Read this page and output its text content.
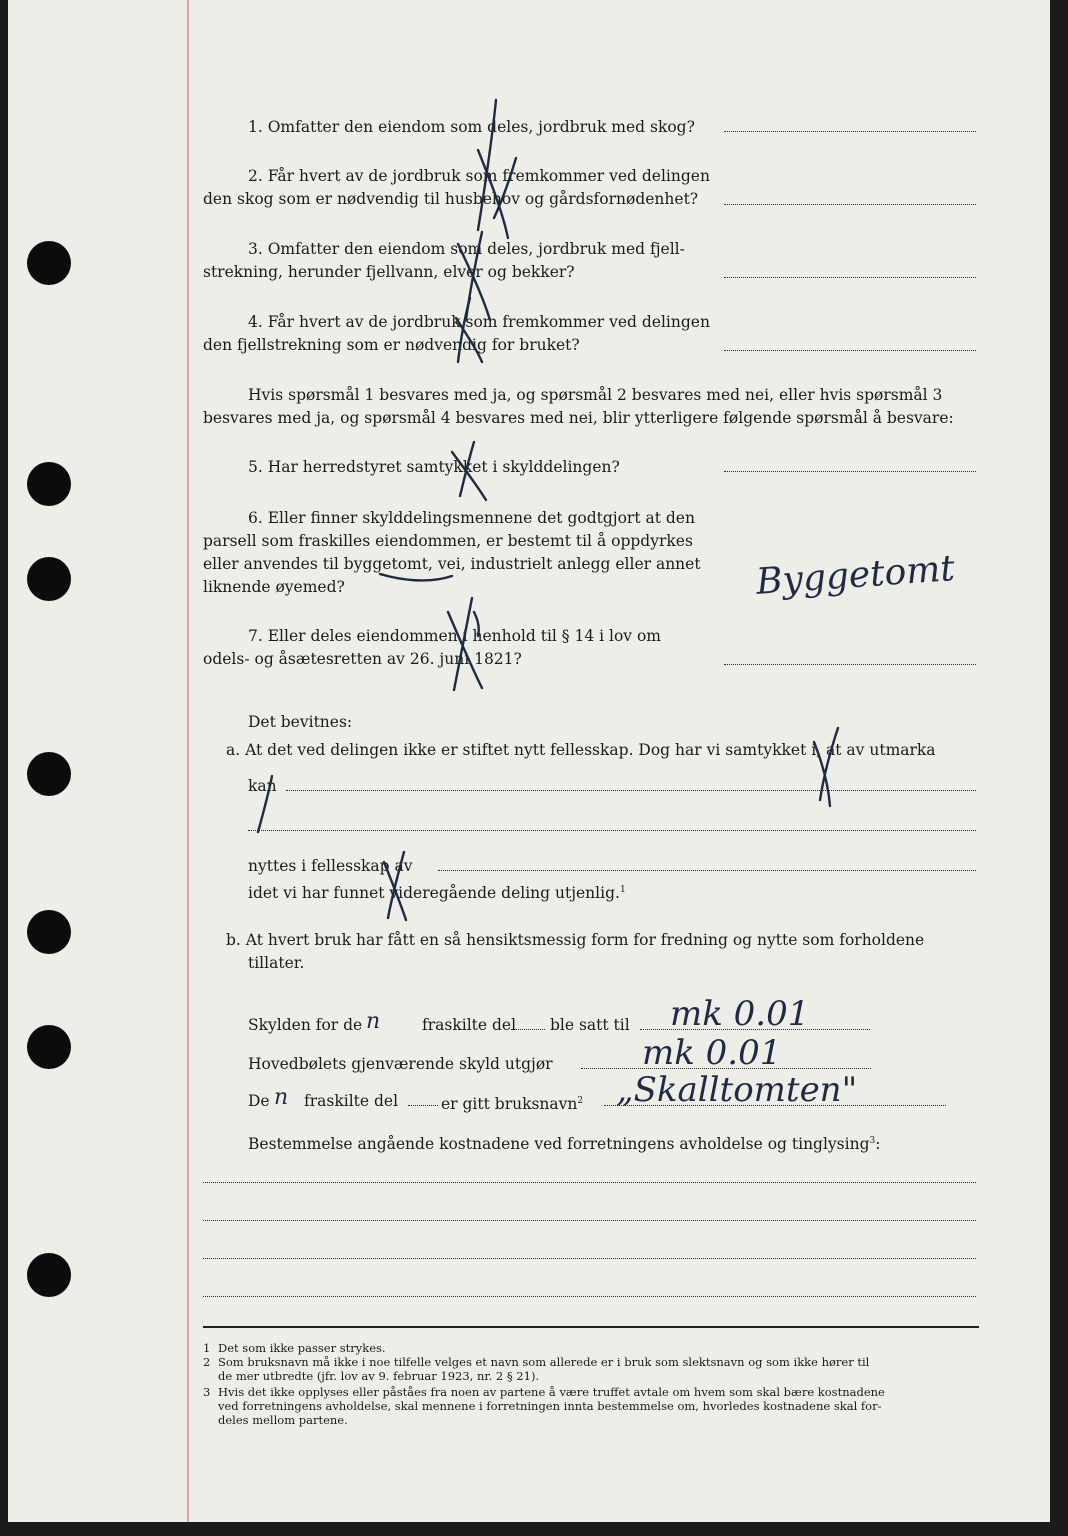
1. Omfatter den eiendom som deles, jordbruk med skog?
2. Får hvert av de jordbruk som fremkommer ved delingen
den skog som er nødvendig til husbehov og gårdsfornødenhet?
3. Omfatter den eiendom som deles, jordbruk med fjell-
strekning, herunder fjellvann, elver og bekker?
4. Får hvert av de jordbruk som fremkommer ved delingen
den fjellstrekning som er nødvendig for bruket?
Hvis spørsmål 1 besvares med ja, og spørsmål 2 besvares med nei, eller hvis spørsmål 3
besvares med ja, og spørsmål 4 besvares med nei, blir ytterligere følgende spørsmål å besvare:
5. Har herredstyret samtykket i skylddelingen?
6. Eller finner skylddelingsmennene det godtgjort at den
parsell som fraskilles eiendommen, er bestemt til å oppdyrkes
eller anvendes til byggetomt, vei, industrielt anlegg eller annet
liknende øyemed?	Byggetomt
7. Eller deles eiendommen i henhold til § 14 i lov om
odels- og åsætesretten av 26. juni 1821?
Det bevitnes:
a. At det ved delingen ikke er stiftet nytt fellesskap. Dog har vi samtykket i, at av utmarka
kan
nyttes i fellesskap av
idet vi har funnet videregående deling utjenlig.$^1$
b. At hvert bruk har fått en så hensiktsmessig form for fredning og nytte som forholdene
tillater.
Skylden for de n	fraskilte del ble satt til mk 0.01
Hovedbølets gjenværende skyld utgjør	mk 0.01
De n fraskilte del	er gitt bruksnavn$^2$ „Skalltomten"
Bestemmelse angående kostnadene ved forretningens avholdelse og tinglysing$^3$:
1 Det som ikke passer strykes.
2 Som bruksnavn må ikke i noe tilfelle velges et navn som allerede er i bruk som slektsnavn og som ikke hører til
de mer utbredte (jfr. lov av 9. februar 1923, nr. 2 § 21).
3 Hvis det ikke opplyses eller påståes fra noen av partene å være truffet avtale om hvem som skal bære kostnadene
ved forretningens avholdelse, skal mennene i forretningen innta bestemmelse om, hvorledes kostnadene skal for-
deles mellom partene.
